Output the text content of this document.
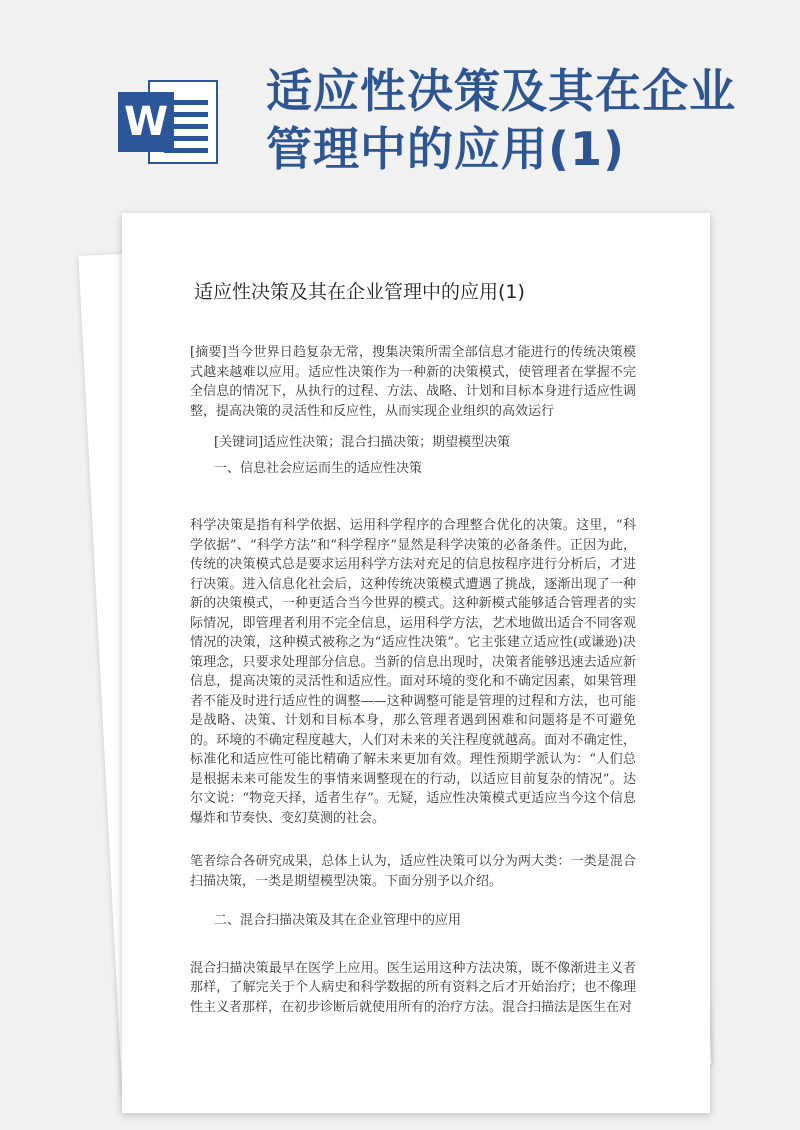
W
适应性决策及其在企业管理中的应用(1)
适应性决策及其在企业管理中的应用(1)

[摘要]当今世界日趋复杂无常，搜集决策所需全部信息才能进行的传统决策模式越来越难以应用。适应性决策作为一种新的决策模式，使管理者在掌握不完全信息的情况下，从执行的过程、方法、战略、计划和目标本身进行适应性调整，提高决策的灵活性和反应性，从而实现企业组织的高效运行

[关键词]适应性决策；混合扫描决策；期望模型决策

一、信息社会应运而生的适应性决策

科学决策是指有科学依据、运用科学程序的合理整合优化的决策。这里，“科学依据”、“科学方法”和“科学程序”显然是科学决策的必备条件。正因为此，传统的决策模式总是要求运用科学方法对充足的信息按程序进行分析后，才进行决策。进入信息化社会后，这种传统决策模式遭遇了挑战，逐渐出现了一种新的决策模式，一种更适合当今世界的模式。这种新模式能够适合管理者的实际情况，即管理者利用不完全信息，运用科学方法，艺术地做出适合不同客观情况的决策，这种模式被称之为“适应性决策”。它主张建立适应性(或谦逊)决策理念，只要求处理部分信息。当新的信息出现时，决策者能够迅速去适应新信息，提高决策的灵活性和适应性。面对环境的变化和不确定因素，如果管理者不能及时进行适应性的调整——这种调整可能是管理的过程和方法，也可能是战略、决策、计划和目标本身，那么管理者遇到困难和问题将是不可避免的。环境的不确定程度越大，人们对未来的关注程度就越高。面对不确定性，标准化和适应性可能比精确了解未来更加有效。理性预期学派认为：“人们总是根据未来可能发生的事情来调整现在的行动，以适应目前复杂的情况”。达尔文说：“物竞天择，适者生存”。无疑，适应性决策模式更适应当今这个信息爆炸和节奏快、变幻莫测的社会。

笔者综合各研究成果，总体上认为，适应性决策可以分为两大类：一类是混合扫描决策，一类是期望模型决策。下面分别予以介绍。

二、混合扫描决策及其在企业管理中的应用

混合扫描决策最早在医学上应用。医生运用这种方法决策，既不像渐进主义者那样，了解完关于个人病史和科学数据的所有资料之后才开始治疗；也不像理性主义者那样，在初步诊断后就使用所有的治疗方法。混合扫描法是医生在对
